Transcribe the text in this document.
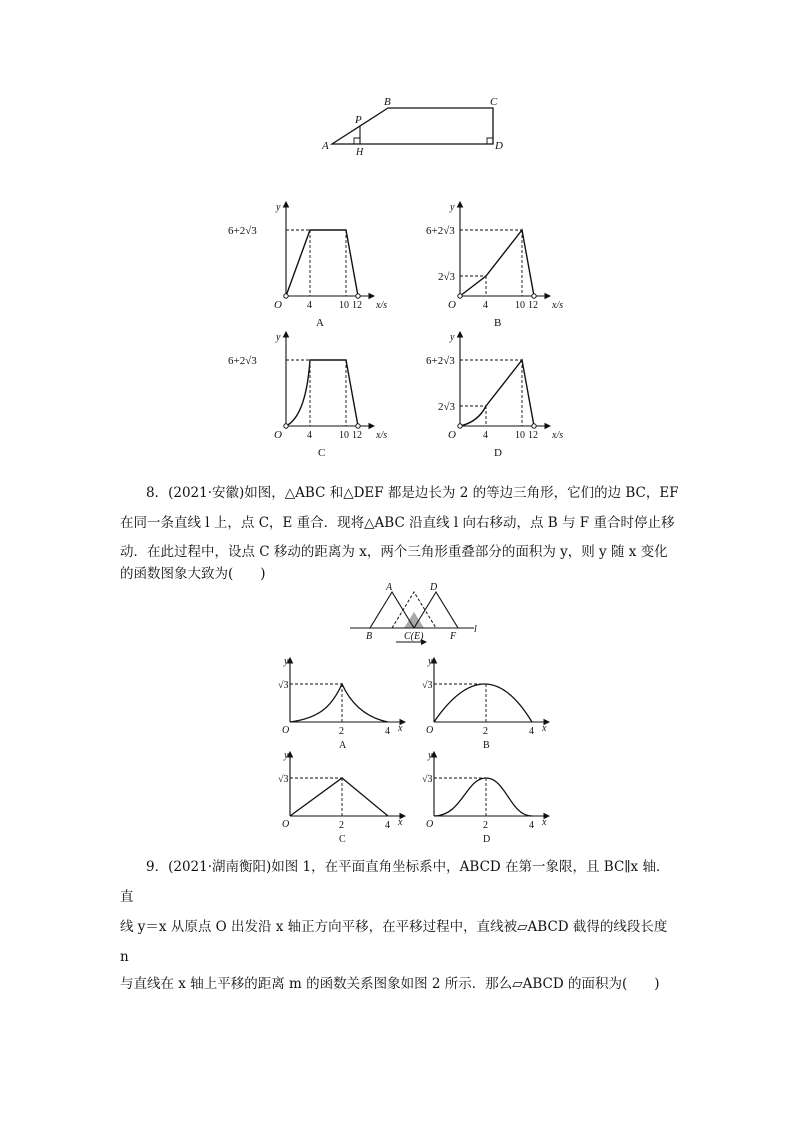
A
B	C
D
P
H
y
6+2√3
O	4	10 12 x/s
A
y
6+2√3
2√3
O	4	10 12 x/s
B
y
6+2√3
O	4	10 12 x/s
C
y
6+2√3
2√3
O	4	10 12 x/s
D

8．(2021·安徽)如图，△ABC 和△DEF 都是边长为 2 的等边三角形，它们的边 BC，EF

在同一条直线 l 上，点 C，E 重合．现将△ABC 沿直线 l 向右移动，点 B 与 F 重合时停止移

动．在此过程中，设点 C 移动的距离为 x，两个三角形重叠部分的面积为 y，则 y 随 x 变化

的函数图象大致为(　　)

A	D
B	C(E)	F
l
y
√3
O	2	4 x
A
y
√3
O	2	4 x
B
y
√3
O	2	4 x
C
y
√3
O	2	4 x
D

9．(2021·湖南衡阳)如图 1，在平面直角坐标系中，ABCD 在第一象限，且 BC∥x 轴．直

线 y＝x 从原点 O 出发沿 x 轴正方向平移，在平移过程中，直线被▱ABCD 截得的线段长度 n

与直线在 x 轴上平移的距离 m 的函数关系图象如图 2 所示．那么▱ABCD 的面积为(　　)
